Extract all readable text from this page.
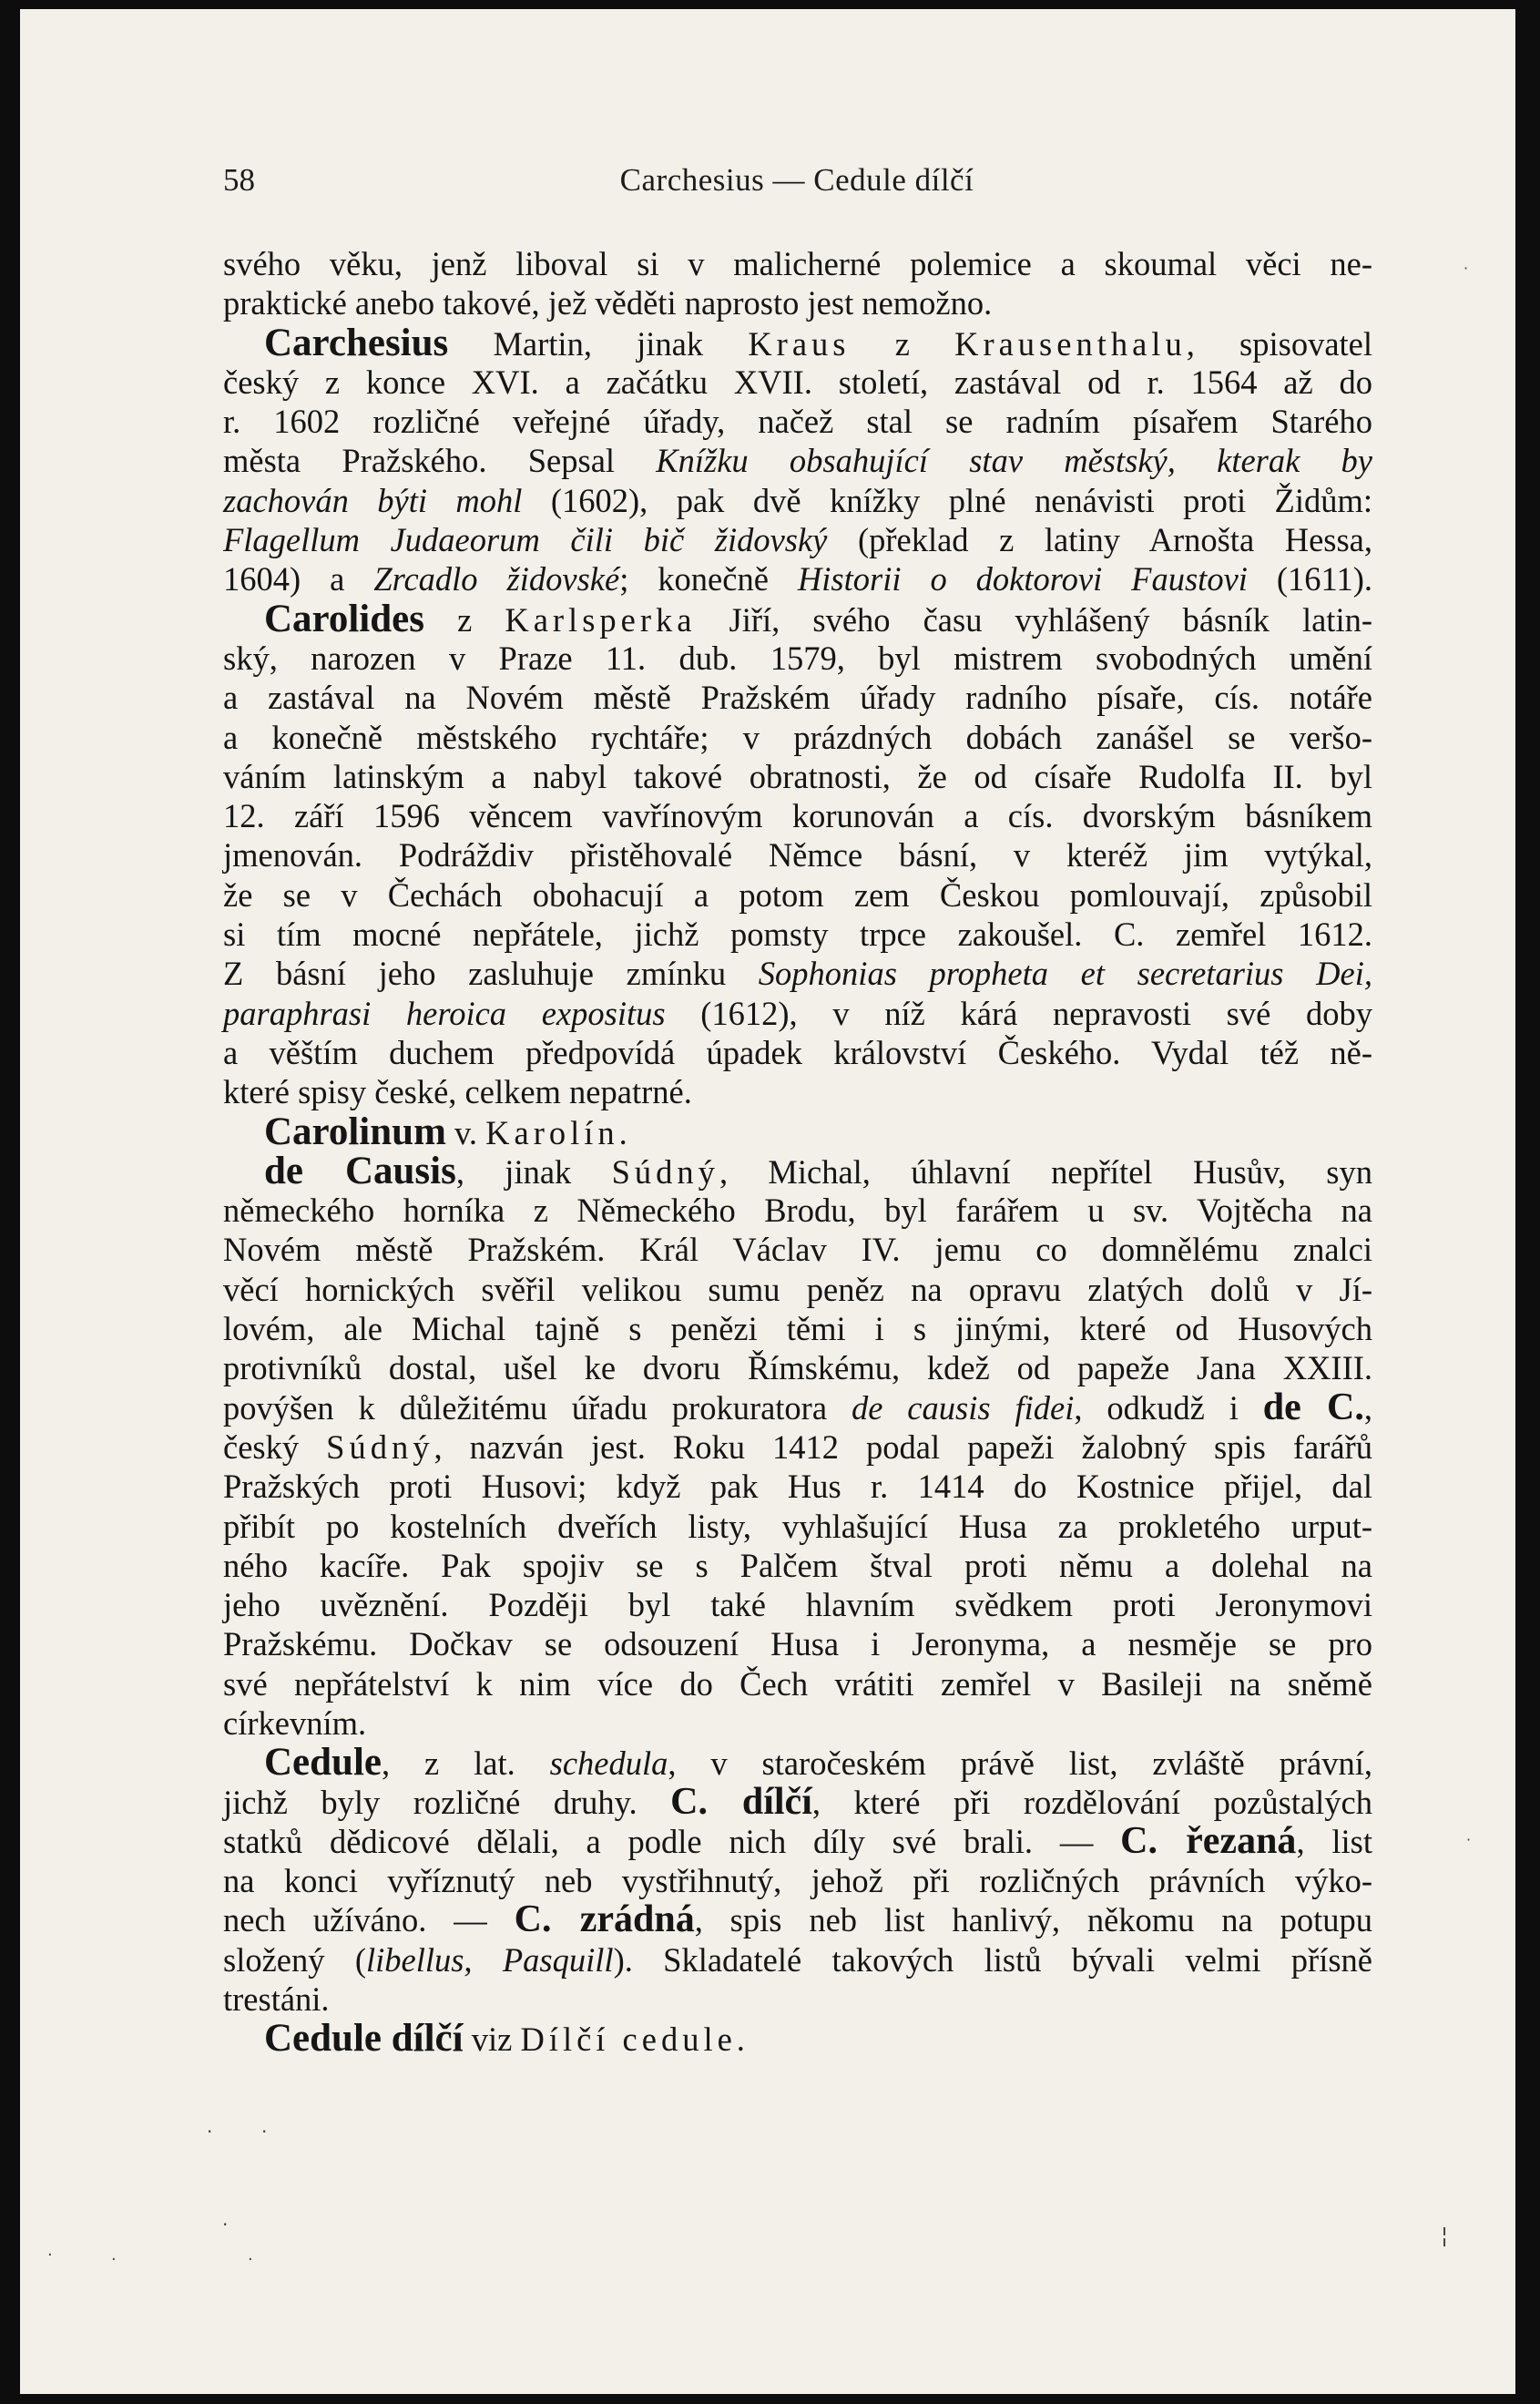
58	Carchesius — Cedule dílčí
svého věku, jenž liboval si v malicherné polemice a skoumal věci ne-
praktické anebo takové, jež věděti naprosto jest nemožno.
Carchesius Martin, jinak Kraus z Krausenthalu, spisovatel
český z konce XVI. a začátku XVII. století, zastával od r. 1564 až do
r. 1602 rozličné veřejné úřady, načež stal se radním písařem Starého
města Pražského. Sepsal Knížku obsahující stav městský, kterak by
zachován býti mohl (1602), pak dvě knížky plné nenávisti proti Židům:
Flagellum Judaeorum čili bič židovský (překlad z latiny Arnošta Hessa,
1604) a Zrcadlo židovské; konečně Historii o doktorovi Faustovi (1611).
Carolides z Karlsperka Jiří, svého času vyhlášený básník latin-
ský, narozen v Praze 11. dub. 1579, byl mistrem svobodných umění
a zastával na Novém městě Pražském úřady radního písaře, cís. notáře
a konečně městského rychtáře; v prázdných dobách zanášel se veršo-
váním latinským a nabyl takové obratnosti, že od císaře Rudolfa II. byl
12. září 1596 věncem vavřínovým korunován a cís. dvorským básníkem
jmenován. Podráždiv přistěhovalé Němce básní, v kteréž jim vytýkal,
že se v Čechách obohacují a potom zem Českou pomlouvají, způsobil
si tím mocné nepřátele, jichž pomsty trpce zakoušel. C. zemřel 1612.
Z básní jeho zasluhuje zmínku Sophonias propheta et secretarius Dei,
paraphrasi heroica expositus (1612), v níž kárá nepravosti své doby
a věštím duchem předpovídá úpadek království Českého. Vydal též ně-
které spisy české, celkem nepatrné.
Carolinum v. Karolín.
de Causis, jinak Súdný, Michal, úhlavní nepřítel Husův, syn
německého horníka z Německého Brodu, byl farářem u sv. Vojtěcha na
Novém městě Pražském. Král Václav IV. jemu co domnělému znalci
věcí hornických svěřil velikou sumu peněz na opravu zlatých dolů v Jí-
lovém, ale Michal tajně s penězi těmi i s jinými, které od Husových
protivníků dostal, ušel ke dvoru Římskému, kdež od papeže Jana XXIII.
povýšen k důležitému úřadu prokuratora de causis fidei, odkudž i de C.,
český Súdný, nazván jest. Roku 1412 podal papeži žalobný spis farářů
Pražských proti Husovi; když pak Hus r. 1414 do Kostnice přijel, dal
přibít po kostelních dveřích listy, vyhlašující Husa za prokletého urput-
ného kacíře. Pak spojiv se s Palčem štval proti němu a dolehal na
jeho uvěznění. Později byl také hlavním svědkem proti Jeronymovi
Pražskému. Dočkav se odsouzení Husa i Jeronyma, a nesměje se pro
své nepřátelství k nim více do Čech vrátiti zemřel v Basileji na sněmě
církevním.
Cedule, z lat. schedula, v staročeském právě list, zvláště právní,
jichž byly rozličné druhy. C. dílčí, které při rozdělování pozůstalých
statků dědicové dělali, a podle nich díly své brali. — C. řezaná, list
na konci vyříznutý neb vystřihnutý, jehož při rozličných právních výko-
nech užíváno. — C. zrádná, spis neb list hanlivý, někomu na potupu
složený (libellus, Pasquill). Skladatelé takových listů bývali velmi přísně
trestáni.
Cedule dílčí viz Dílčí cedule.
·
·
·	·
·	¦
·	·	·
